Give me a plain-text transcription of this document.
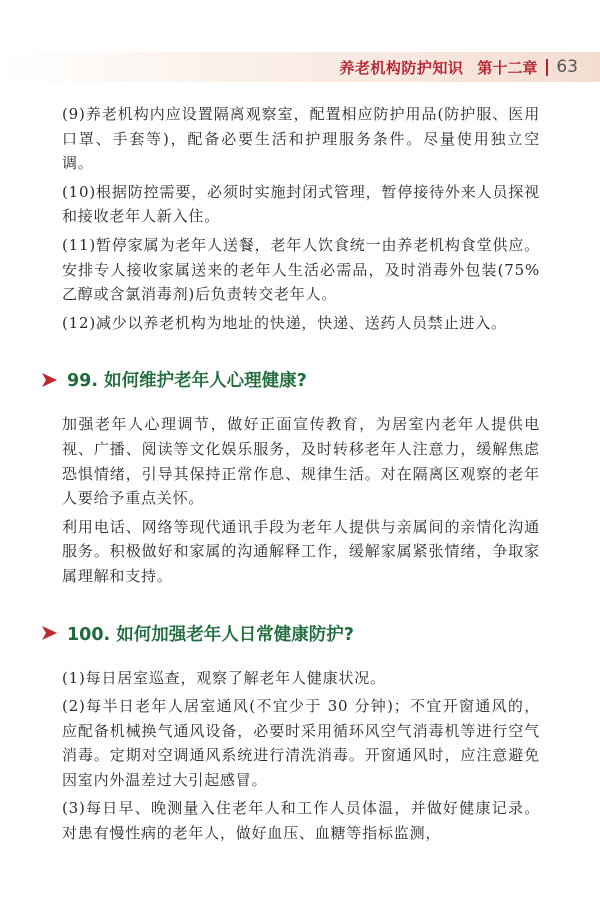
养老机构防护知识 第十二章 63

(9)养老机构内应设置隔离观察室，配置相应防护用品(防护服、医用口罩、手套等)，配备必要生活和护理服务条件。尽量使用独立空调。

(10)根据防控需要，必须时实施封闭式管理，暂停接待外来人员探视和接收老年人新入住。

(11)暂停家属为老年人送餐，老年人饮食统一由养老机构食堂供应。安排专人接收家属送来的老年人生活必需品，及时消毒外包装(75% 乙醇或含氯消毒剂)后负责转交老年人。

(12)减少以养老机构为地址的快递，快递、送药人员禁止进入。

99. 如何维护老年人心理健康?

加强老年人心理调节，做好正面宣传教育，为居室内老年人提供电视、广播、阅读等文化娱乐服务，及时转移老年人注意力，缓解焦虑恐惧情绪，引导其保持正常作息、规律生活。对在隔离区观察的老年人要给予重点关怀。

利用电话、网络等现代通讯手段为老年人提供与亲属间的亲情化沟通服务。积极做好和家属的沟通解释工作，缓解家属紧张情绪，争取家属理解和支持。

100. 如何加强老年人日常健康防护?

(1)每日居室巡查，观察了解老年人健康状况。

(2)每半日老年人居室通风(不宜少于 30 分钟)；不宜开窗通风的，应配备机械换气通风设备，必要时采用循环风空气消毒机等进行空气消毒。定期对空调通风系统进行清洗消毒。开窗通风时，应注意避免因室内外温差过大引起感冒。

(3)每日早、晚测量入住老年人和工作人员体温，并做好健康记录。对患有慢性病的老年人，做好血压、血糖等指标监测，
